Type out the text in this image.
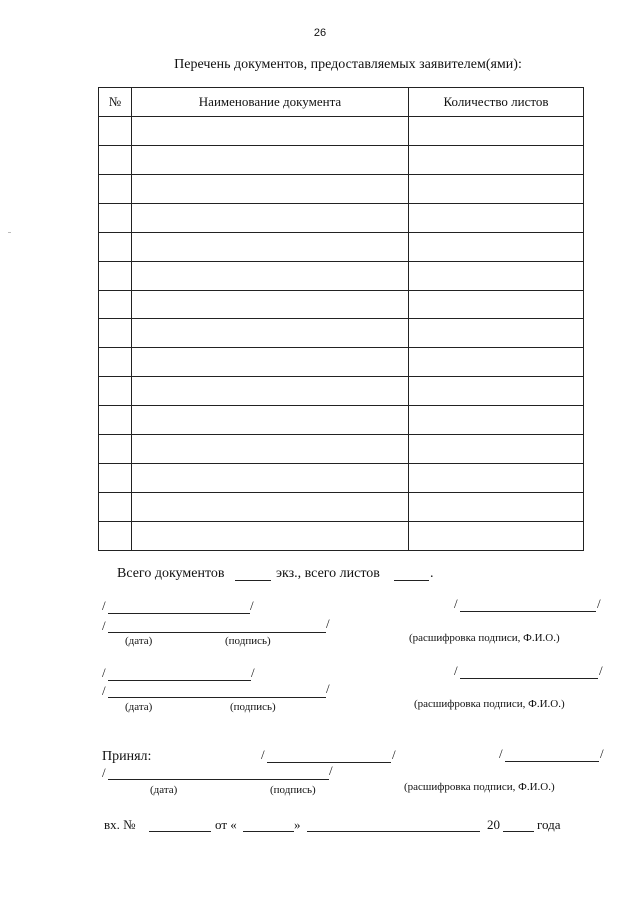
26
Перечень документов, предоставляемых заявителем(ями):
№	Наименование документа	Количество листов

Всего документов	экз., всего листов	.
/	/	/	/
/	/
(дата)	(подпись)	(расшифровка подписи, Ф.И.О.)
/	/	/	/
/	/
(дата)	(подпись)	(расшифровка подписи, Ф.И.О.)
Принял:	/	/	/	/
/	/
(дата)	(подпись)	(расшифровка подписи, Ф.И.О.)
вх. №	от «	»	20	года
